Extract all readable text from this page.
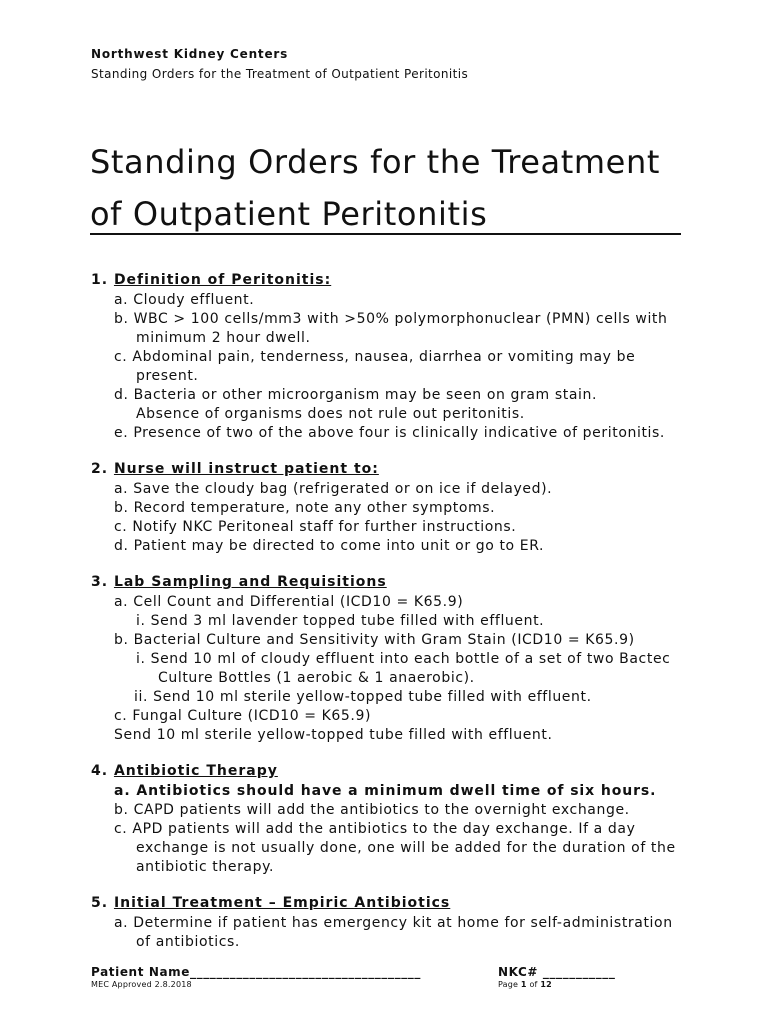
Northwest Kidney Centers
Standing Orders for the Treatment of Outpatient Peritonitis
Standing Orders for the Treatment
of Outpatient Peritonitis
1. Definition of Peritonitis:
a. Cloudy effluent.
b. WBC > 100 cells/mm3 with >50% polymorphonuclear (PMN) cells with
minimum 2 hour dwell.
c. Abdominal pain, tenderness, nausea, diarrhea or vomiting may be
present.
d. Bacteria or other microorganism may be seen on gram stain.
Absence of organisms does not rule out peritonitis.
e. Presence of two of the above four is clinically indicative of peritonitis.
2. Nurse will instruct patient to:
a. Save the cloudy bag (refrigerated or on ice if delayed).
b. Record temperature, note any other symptoms.
c. Notify NKC Peritoneal staff for further instructions.
d. Patient may be directed to come into unit or go to ER.
3. Lab Sampling and Requisitions
a. Cell Count and Differential (ICD10 = K65.9)
i. Send 3 ml lavender topped tube filled with effluent.
b. Bacterial Culture and Sensitivity with Gram Stain (ICD10 = K65.9)
i. Send 10 ml of cloudy effluent into each bottle of a set of two Bactec
Culture Bottles (1 aerobic & 1 anaerobic).
ii. Send 10 ml sterile yellow-topped tube filled with effluent.
c. Fungal Culture (ICD10 = K65.9)
Send 10 ml sterile yellow-topped tube filled with effluent.
4. Antibiotic Therapy
a. Antibiotics should have a minimum dwell time of six hours.
b. CAPD patients will add the antibiotics to the overnight exchange.
c. APD patients will add the antibiotics to the day exchange. If a day
exchange is not usually done, one will be added for the duration of the
antibiotic therapy.
5. Initial Treatment – Empiric Antibiotics
a. Determine if patient has emergency kit at home for self-administration
of antibiotics.
Patient Name___________________________________	NKC# ___________
MEC Approved 2.8.2018	Page 1 of 12
